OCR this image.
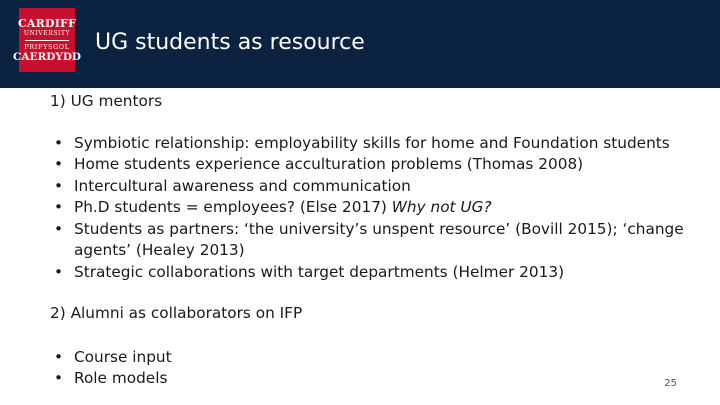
CARDIFF
UNIVERSITY
PRIFYSGOL
CAERDYDD
UG students as resource
1) UG mentors
• Symbiotic relationship: employability skills for home and Foundation students
• Home students experience acculturation problems (Thomas 2008)
• Intercultural awareness and communication
• Ph.D students = employees? (Else 2017) Why not UG?
• Students as partners: ‘the university’s unspent resource’ (Bovill 2015); ‘change agents’ (Healey 2013)
• Strategic collaborations with target departments (Helmer 2013)
2) Alumni as collaborators on IFP
• Course input
• Role models	25
